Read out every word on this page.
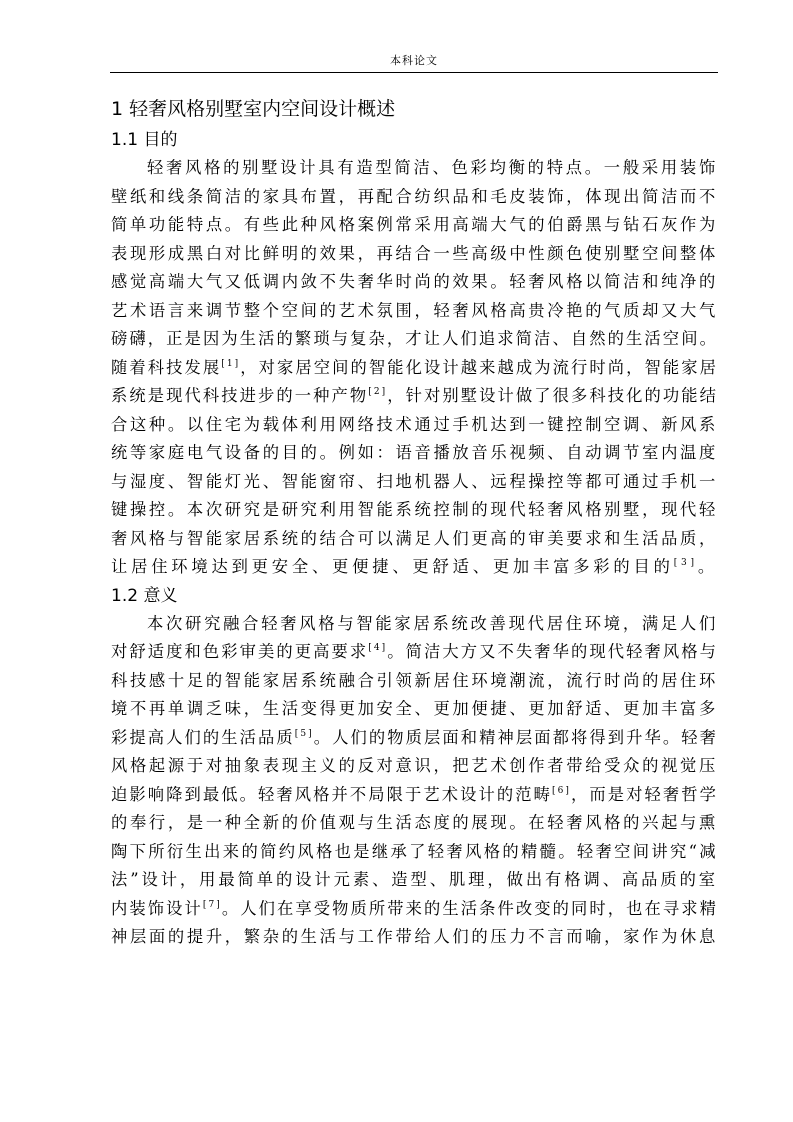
本科论文
1 轻奢风格别墅室内空间设计概述
1.1 目的

轻奢风格的别墅设计具有造型简洁、色彩均衡的特点。一般采用装饰
壁纸和线条简洁的家具布置，再配合纺织品和毛皮装饰，体现出简洁而不
简单功能特点。有些此种风格案例常采用高端大气的伯爵黑与钻石灰作为
表现形成黑白对比鲜明的效果，再结合一些高级中性颜色使别墅空间整体
感觉高端大气又低调内敛不失奢华时尚的效果。轻奢风格以简洁和纯净的
艺术语言来调节整个空间的艺术氛围，轻奢风格高贵冷艳的气质却又大气
磅礴，正是因为生活的繁琐与复杂，才让人们追求简洁、自然的生活空间。
随着科技发展[1]，对家居空间的智能化设计越来越成为流行时尚，智能家居
系统是现代科技进步的一种产物[2]，针对别墅设计做了很多科技化的功能结
合这种。以住宅为载体利用网络技术通过手机达到一键控制空调、新风系
统等家庭电气设备的目的。例如：语音播放音乐视频、自动调节室内温度
与湿度、智能灯光、智能窗帘、扫地机器人、远程操控等都可通过手机一
键操控。本次研究是研究利用智能系统控制的现代轻奢风格别墅，现代轻
奢风格与智能家居系统的结合可以满足人们更高的审美要求和生活品质，
让居住环境达到更安全、更便捷、更舒适、更加丰富多彩的目的[3]。

1.2 意义

本次研究融合轻奢风格与智能家居系统改善现代居住环境，满足人们
对舒适度和色彩审美的更高要求[4]。简洁大方又不失奢华的现代轻奢风格与
科技感十足的智能家居系统融合引领新居住环境潮流，流行时尚的居住环
境不再单调乏味，生活变得更加安全、更加便捷、更加舒适、更加丰富多
彩提高人们的生活品质[5]。人们的物质层面和精神层面都将得到升华。轻奢
风格起源于对抽象表现主义的反对意识，把艺术创作者带给受众的视觉压
迫影响降到最低。轻奢风格并不局限于艺术设计的范畴[6]，而是对轻奢哲学
的奉行，是一种全新的价值观与生活态度的展现。在轻奢风格的兴起与熏
陶下所衍生出来的简约风格也是继承了轻奢风格的精髓。轻奢空间讲究“减
法”设计，用最简单的设计元素、造型、肌理，做出有格调、高品质的室
内装饰设计[7]。人们在享受物质所带来的生活条件改变的同时，也在寻求精
神层面的提升，繁杂的生活与工作带给人们的压力不言而喻，家作为休息
